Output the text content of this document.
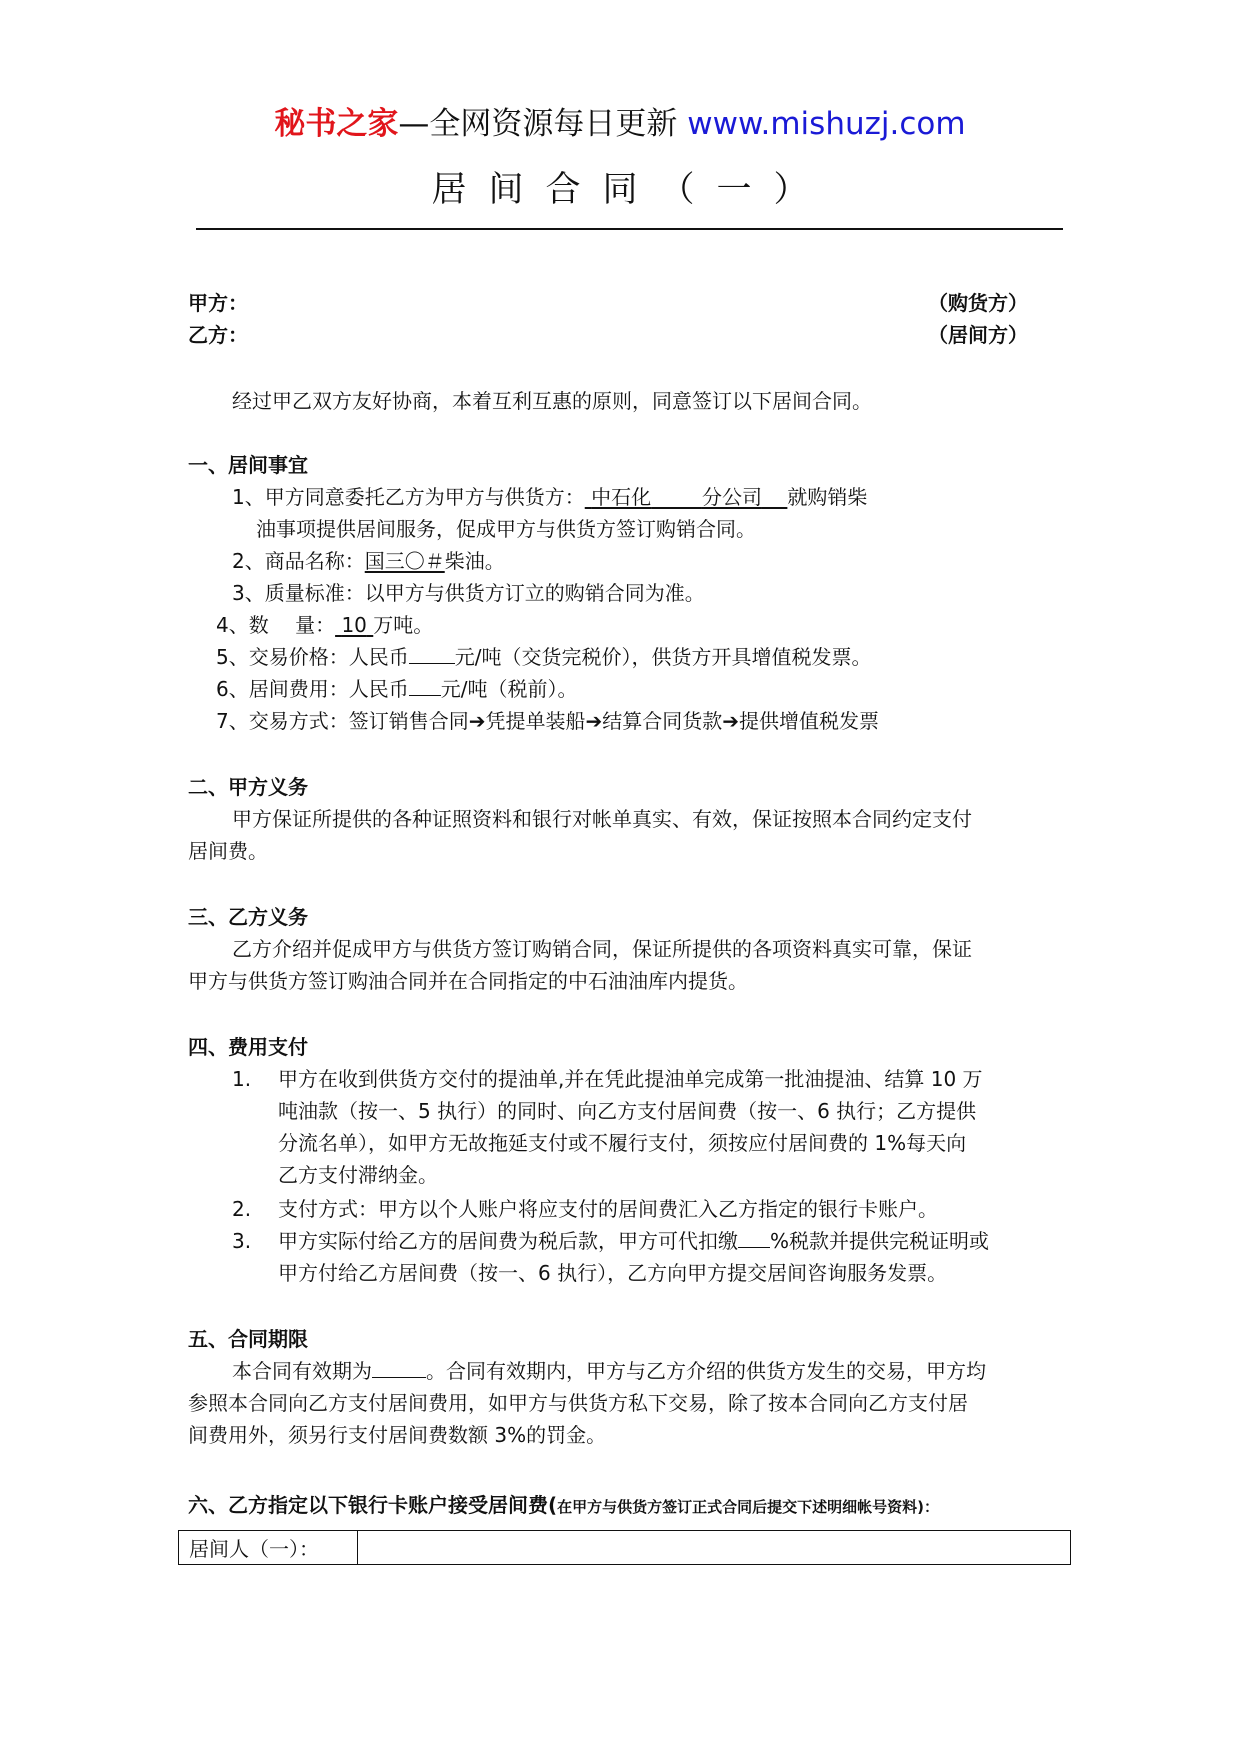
秘书之家—全网资源每日更新 www.mishuzj.com
居间合同（一）
甲方：	（购货方）
乙方：	（居间方）
经过甲乙双方友好协商，本着互利互惠的原则，同意签订以下居间合同。
一、居间事宜
1、甲方同意委托乙方为甲方与供货方： 中石化	分公司 就购销柴
油事项提供居间服务，促成甲方与供货方签订购销合同。
2、商品名称：国三〇＃柴油。
3、质量标准：以甲方与供货方订立的购销合同为准。
4、数　 量： 10 万吨。
5、交易价格：人民币 元/吨（交货完税价），供货方开具增值税发票。
6、居间费用：人民币 元/吨（税前）。
7、交易方式：签订销售合同➔凭提单装船➔结算合同货款➔提供增值税发票
二、甲方义务
甲方保证所提供的各种证照资料和银行对帐单真实、有效，保证按照本合同约定支付
居间费。
三、乙方义务
乙方介绍并促成甲方与供货方签订购销合同，保证所提供的各项资料真实可靠，保证
甲方与供货方签订购油合同并在合同指定的中石油油库内提货。
四、费用支付
1. 甲方在收到供货方交付的提油单,并在凭此提油单完成第一批油提油、结算 10 万
吨油款（按一、5 执行）的同时、向乙方支付居间费（按一、6 执行；乙方提供
分流名单），如甲方无故拖延支付或不履行支付，须按应付居间费的 1%每天向
乙方支付滞纳金。
2. 支付方式：甲方以个人账户将应支付的居间费汇入乙方指定的银行卡账户。
3. 甲方实际付给乙方的居间费为税后款，甲方可代扣缴 %税款并提供完税证明或
甲方付给乙方居间费（按一、6 执行），乙方向甲方提交居间咨询服务发票。
五、合同期限
本合同有效期为	。合同有效期内，甲方与乙方介绍的供货方发生的交易，甲方均
参照本合同向乙方支付居间费用，如甲方与供货方私下交易，除了按本合同向乙方支付居
间费用外，须另行支付居间费数额 3%的罚金。
六、乙方指定以下银行卡账户接受居间费(在甲方与供货方签订正式合同后提交下述明细帐号资料)：
居间人（一）：	
